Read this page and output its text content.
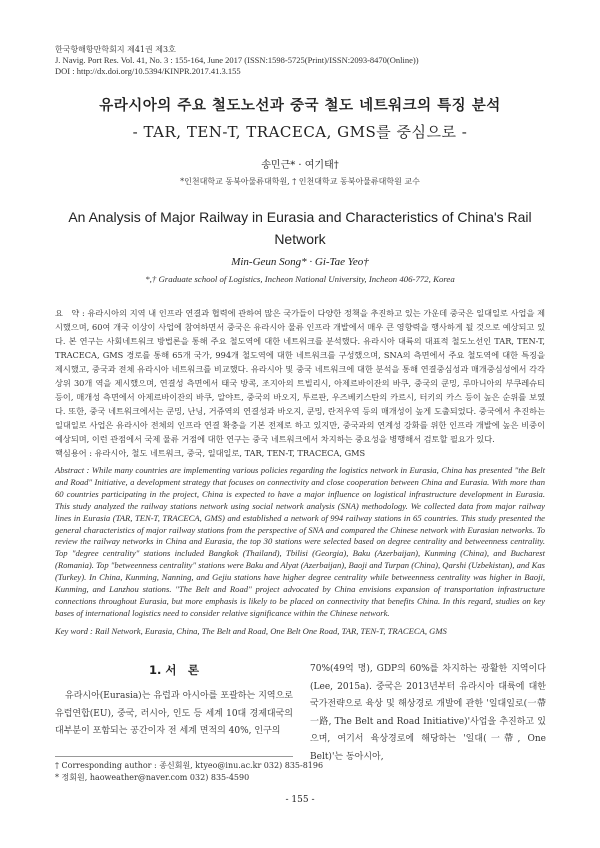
한국항해항만학회지 제41권 제3호
J. Navig. Port Res. Vol. 41, No. 3 : 155-164, June 2017 (ISSN:1598-5725(Print)/ISSN:2093-8470(Online))
DOI : http://dx.doi.org/10.5394/KINPR.2017.41.3.155
유라시아의 주요 철도노선과 중국 철도 네트워크의 특징 분석
- TAR, TEN-T, TRACECA, GMS를 중심으로 -
송민근* · 여기태†
*인천대학교 동북아물류대학원, † 인천대학교 동북아물류대학원 교수
An Analysis of Major Railway in Eurasia and Characteristics of China's Rail Network
Min-Geun Song* · Gi-Tae Yeo†
*,† Graduate school of Logistics, Incheon National University, Incheon 406-772, Korea
요　약 : 유라시아의 지역 내 인프라 연결과 협력에 관하여 많은 국가들이 다양한 정책을 추진하고 있는 가운데 중국은 일대일로 사업을 제시했으며, 60여 개국 이상이 사업에 참여하면서 중국은 유라시아 물류 인프라 개발에서 매우 큰 영향력을 행사하게 될 것으로 예상되고 있다. 본 연구는 사회네트워크 방법론을 통해 주요 철도역에 대한 네트워크를 분석했다. 유라시아 대륙의 대표적 철도노선인 TAR, TEN-T, TRACECA, GMS 경로를 통해 65개 국가, 994개 철도역에 대한 네트워크를 구성했으며, SNA의 측면에서 주요 철도역에 대한 특징을 제시했고, 중국과 전체 유라시아 네트워크를 비교했다. 유라시아 및 중국 네트워크에 대한 분석을 통해 연결중심성과 매개중심성에서 각각 상위 30개 역을 제시했으며, 연결성 측면에서 태국 방콕, 조지아의 트빌리시, 아제르바이잔의 바쿠, 중국의 쿤밍, 루마니아의 부쿠레슈티 등이, 매개성 측면에서 아제르바이잔의 바쿠, 알야트, 중국의 바오지, 투르판, 우즈베키스탄의 카르시, 터키의 카스 등이 높은 순위를 보였다. 또한, 중국 네트워크에서는 쿤밍, 난닝, 거쥬역의 연결성과 바오지, 쿤밍, 란저우역 등의 매개성이 높게 도출되었다. 중국에서 추진하는 일대일로 사업은 유라시아 전체의 인프라 연결 확충을 기본 전제로 하고 있지만, 중국과의 연계성 강화를 위한 인프라 개발에 높은 비중이 예상되며, 이런 관점에서 국제 물류 거점에 대한 연구는 중국 네트워크에서 차지하는 중요성을 병행해서 검토할 필요가 있다.
핵심용어 : 유라시아, 철도 네트워크, 중국, 일대일로, TAR, TEN-T, TRACECA, GMS
Abstract : While many countries are implementing various policies regarding the logistics network in Eurasia, China has presented "the Belt and Road" Initiative, a development strategy that focuses on connectivity and close cooperation between China and Eurasia. With more than 60 countries participating in the project, China is expected to have a major influence on logistical infrastructure development in Eurasia. This study analyzed the railway stations network using social network analysis (SNA) methodology. We collected data from major railway lines in Eurasia (TAR, TEN-T, TRACECA, GMS) and established a network of 994 railway stations in 65 countries. This study presented the general characteristics of major railway stations from the perspective of SNA and compared the Chinese network with Eurasian networks. To review the railway networks in China and Eurasia, the top 30 stations were selected based on degree centrality and betweenness centrality. Top "degree centrality" stations included Bangkok (Thailand), Tbilisi (Georgia), Baku (Azerbaijan), Kunming (China), and Bucharest (Romania). Top "betweenness centrality" stations were Baku and Alyat (Azerbaijan), Baoji and Turpan (China), Qarshi (Uzbekistan), and Kas (Turkey). In China, Kunming, Nanning, and Gejiu stations have higher degree centrality while betweenness centrality was higher in Baoji, Kunming, and Lanzhou stations. "The Belt and Road" project advocated by China envisions expansion of transportation infrastructure connections throughout Eurasia, but more emphasis is likely to be placed on connectivity that benefits China. In this regard, studies on key bases of international logistics need to consider relative significance within the Chinese network.
Key word : Rail Network, Eurasia, China, The Belt and Road, One Belt One Road, TAR, TEN-T, TRACECA, GMS
1. 서　론
유라시아(Eurasia)는 유럽과 아시아를 포괄하는 지역으로 유럽연합(EU), 중국, 러시아, 인도 등 세계 10대 경제대국의 대부분이 포함되는 공간이자 전 세계 면적의 40%, 인구의
70%(49억 명), GDP의 60%를 차지하는 광활한 지역이다(Lee, 2015a). 중국은 2013년부터 유라시아 대륙에 대한 국가전략으로 육상 및 해상경로 개발에 관한 '일대일로(一帶一路, The Belt and Road Initiative)'사업을 추진하고 있으며, 여기서 육상경로에 해당하는 '일대(一帶, One Belt)'는 동아시아,
† Corresponding author : 종신회원, ktyeo@inu.ac.kr 032) 835-8196
* 정회원, haoweather@naver.com 032) 835-4590
- 155 -
